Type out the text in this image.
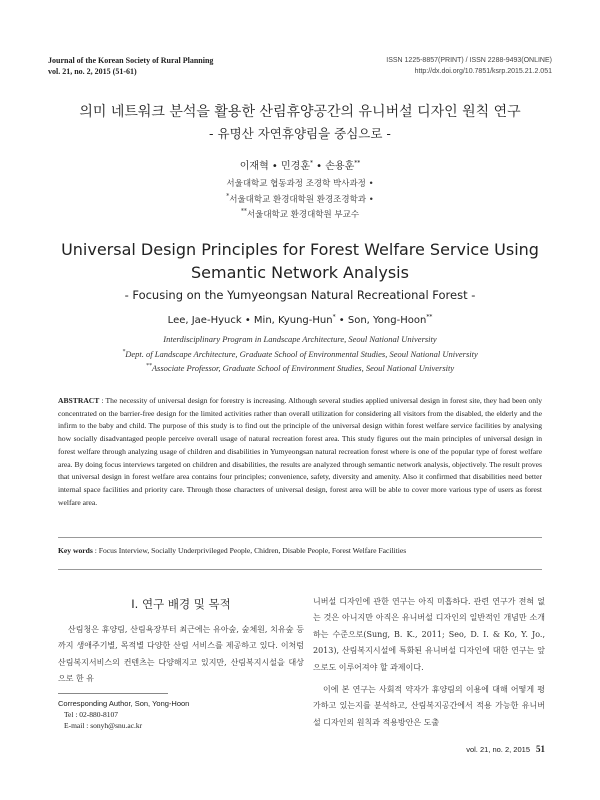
Journal of the Korean Society of Rural Planning
vol. 21, no. 2, 2015 (51-61)
ISSN 1225-8857(PRINT) / ISSN 2288-9493(ONLINE)
http://dx.doi.org/10.7851/ksrp.2015.21.2.051
의미 네트워크 분석을 활용한 산림휴양공간의 유니버설 디자인 원칙 연구
- 유명산 자연휴양림을 중심으로 -
이재혁 • 민경훈* • 손용훈**
서울대학교 협동과정 조경학 박사과정 •
*서울대학교 환경대학원 환경조경학과 •
**서울대학교 환경대학원 부교수
Universal Design Principles for Forest Welfare Service Using
Semantic Network Analysis
- Focusing on the Yumyeongsan Natural Recreational Forest -
Lee, Jae-Hyuck • Min, Kyung-Hun* • Son, Yong-Hoon**
Interdisciplinary Program in Landscape Architecture, Seoul National University
*Dept. of Landscape Architecture, Graduate School of Environmental Studies, Seoul National University
**Associate Professor, Graduate School of Environment Studies, Seoul National University
ABSTRACT : The necessity of universal design for forestry is increasing. Although several studies applied universal design in forest site, they had been only concentrated on the barrier-free design for the limited activities rather than overall utilization for considering all visitors from the disabled, the elderly and the infirm to the baby and child. The purpose of this study is to find out the principle of the universal design within forest welfare service facilities by analysing how socially disadvantaged people perceive overall usage of natural recreation forest area. This study figures out the main principles of universal design in forest welfare through analyzing usage of children and disabilities in Yumyeongsan natural recreation forest where is one of the popular type of forest welfare area. By doing focus interviews targeted on children and disabilities, the results are analyzed through semantic network analysis, objectively. The result proves that universal design in forest welfare area contains four principles; convenience, safety, diversity and amenity. Also it confirmed that disabilities need better internal space facilities and priority care. Through those characters of universal design, forest area will be able to cover more various type of users as forest welfare area.
Key words : Focus Interview, Socially Underprivileged People, Chidren, Disable People, Forest Welfare Facilities
I. 연구 배경 및 목적

산림청은 휴양림, 산림욕장부터 최근에는 유아숲, 숲체원, 치유숲 등까지 생애주기별, 목적별 다양한 산림 서비스를 제공하고 있다. 이처럼 산림복지서비스의 컨텐츠는 다양해지고 있지만, 산림복지시설을 대상으로 한 유

니버설 디자인에 관한 연구는 아직 미흡하다. 관련 연구가 전혀 없는 것은 아니지만 아직은 유니버설 디자인의 일반적인 개념만 소개하는 수준으로(Sung, B. K., 2011; Seo, D. I. & Ko, Y. Jo., 2013), 산림복지시설에 특화된 유니버설 디자인에 대한 연구는 앞으로도 이루어져야 할 과제이다.

이에 본 연구는 사회적 약자가 휴양림의 이용에 대해 어떻게 평가하고 있는지를 분석하고, 산림복지공간에서 적용 가능한 유니버설 디자인의 원칙과 적용방안은 도출

Corresponding Author, Son, Yong-Hoon
Tel : 02-880-8107
E-mail : sonyh@snu.ac.kr
vol. 21, no. 2, 2015 51
